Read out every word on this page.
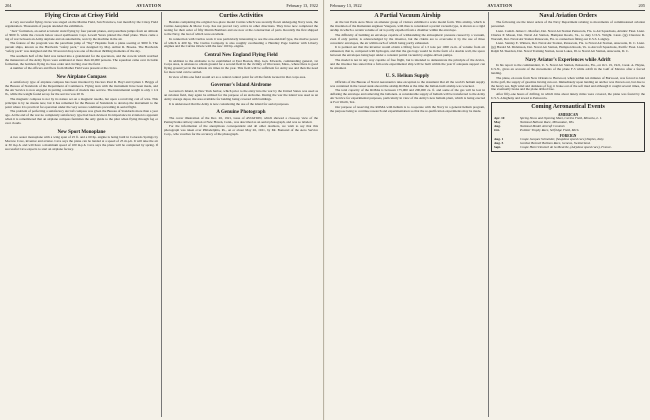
204	AVIATION	February 13, 1922
Flying Circus at Crissy Field

A very successful flying circus was staged on the Marina Field, San Francisco, last month by the Crissy Field organization. Thousands of people attended the exhibition.

"Jazz" formation, an aerial acrobatic stunt flying by four pursuit planes, and parachute jumps from an altitude of 3000 ft. while the crowds below stood spellbound. Capt. Lowell Yerex piloted the chief plane. There came a tug of war between an Army airplane and an automobile, won by the machine in the air.

The feature of the program was the parachute jump of "Sky" Hopkins from a plane soaring at 3000 ft. The pursuit ships, known as the Hardwick "safety pack," was designed by Maj. Arthur R. Brooks. The Hardwick "safety pack" was designed and the 30 second drop was one of the most thrilling moments of the day.

The southern half of the field was turned into a grandstand for the spectators, and the crowds which watched the maneuvers of the Army flyers were estimated at more than 20,000 persons. The squadron came over in battle formation, the bombers flying in close order and circling over the field.

A number of the officers and fliers from Mather Field were present at the circus.

New Airplane Compass

A satisfactory type of airplane compass has been invented by Doctors Paul R. Heyl and Lyman J. Briggs of the Bureau of Standards of the Department of Commerce. Flying tests with the instrument have been made, and the Air Service is now engaged in putting a number of models into service. The instrumental weight is only 1 1/4 lb., while the weight found set up for the service was 20 lb.

The magnetic compass is not by its nature set on a magnetic needle, but upon a revolving coil of wire. This principle is by no means new, but it has remained for the Bureau of Standards to develop the instrument to the point where it is practical for operation under the very severe conditions prevailing in aerial flight.

The problem of perfecting a satisfactory aircraft compass was given the Bureau of Standards more than a year ago. At the end of the war no completely satisfactory type had been devised. Its importance in aviation is apparent when it is remembered that an airplane compass furnishes the only guide to the pilot when flying through fog or over clouds.

New Sport Monoplane

A two seater monoplane with a wing span of 25 ft. and a 60 hp. engine is being built in Colorado Springs by Morrow Cave, inventor and aviator. Cave says the plane can be landed at a speed of 25 m.p.h. It will take the air at 30 m.p.h. and will have a maximum speed of 100 m.p.h. Cave says the plane will be completed by spring. If successful Cave expects to start an airplane factory.

Curtiss Activities

Besides completing the original two-place model Curtiss which was recently flown undergoing Navy tests, the Curtiss Aeroplane & Motor Corp. has not proved very active in other directions. They have now completed the testing for their order of fifty Martin Bombers and are now at the construction of parts. Recently the first shipped to the Navy, the last of which were excellent.

In connection with Curtiss work it was particularly interesting to see the one-and-half type, the motive power of which is 400 hp. The Curtiss Company is also roughly overhauling a Handley Page bomber with Liberty engines and the Curtiss Oriole with the new 160 hp. engine.

Central New England Flying Field

In addition to the airdrome to be established at East Boston, Maj. Gen. Edwards, commanding general, 1st Corps Area, is anxious to obtain ground for a second field in the vicinity of Worcester, Mass., where there is good flying ground yet in the latitude six times in the year. This field will be sufficient for Army use and then the need for more land can be settled.

In view of this one field would act as a central control point for all the fields located in that corps area.

Governor's Island Airdrome

Governor's Island, in New York harbor, which prior to the entry into the war by the United States was used as an aviation field, may again be utilized for the purpose of an airdrome. During the war the island was used as an Army storage depot, the area available for landing being covered with buildings.

It is understood that the Army is now considering the use of the island for aerial purposes.

A Genuine Photograph

The cover illustration of the Dec. 26, 1921, issue of AVIATION, which showed a close-up view of the Pennsylvania railway station at New Haven, Conn., was described as an aerial photograph, and was so labeled.

For the information of the anonymous correspondent and all other doubters, we wish to say that this photograph was taken over Philadelphia, Pa., on or about May 26, 1921, by Mr. Bonsarel of the Aero Service Corp., who vouches for the accuracy of the photograph.

February 13, 1922	AVIATION	205
A Partial Vacuum Airship

At the last Paris Aero Show an amateur group of visitors exhibited a scale model form. This airship, which is the invention of the Rumanian engineer Vaugean, with thus is considered a partial vacuum type, is shown as a rigid airship in which a certain volume of air is partly expelled from a chamber within the envelope.

The difficulty of building an envelope capable of withstanding the atmospheric pressure caused by a vacuum, even if only partial, is acknowledged by the inventor, but the claims are to overcome it by the use of three concentric envelopes, the air within each of which being partly exhausted.

It is pointed out that the inventor would obtain a lifting force of 1.3 tons per 1000 cu.m. of volume from air exhausted, that is, compared with hydrogen, and that the gas bags would be in the form of a double wall, the space between the envelopes being kept under a constant partial vacuum by engine-driven pumps.

The model is not in any way capable of free flight, but is intended to demonstrate the principle of the device, and the inventor has stated that a full-scale experimental ship will be built within the year if adequate support can be obtained.

U. S. Helium Supply

Officials of the Bureau of Naval Aeronautics take exception to the statement that all the world's helium supply was contained in the vessel sunk aboard the airship ROMA at the time the Italian-built airship was wrecked.

The total capacity of the ROMA is between 175,000 and 200,000 cu. ft. and some of the gas will be lost in deflating the envelope and removing the ballonets. A considerable supply of helium will be transferred to the Army Air Service for experimental purposes, particularly in view of the Army's new helium plant, which is being erected at Fort Worth, Tex.

Our purpose of reserving the ROMA with helium is to cooperate with the Navy in a general helium program, the purpose being to continue research and experimentation so that the re-purification experiments may be made.

Naval Aviation Orders

The following are the latest orders of the Navy Department relating to movements of commissioned aviation personnel.

Lieut. Comdr. James C. Monfort, Det. Naval Air Station Pensacola, Fla. to Air Squadrons, Atlantic Fleet. Lieut. Charles P. Mason, Det. Naval Air Station, Hampton Roads, Va., to duty U.S.S. Wright. Lieut. (jg) Clarence R. Worstell, Det. Naval Air Station Pensacola, Fla. to connection fitting out U.S.S. Langley.

Lieut. Stanley E. Winters, Det. Naval Air Station, Pensacola, Fla. to Naval Air Station, Anacostia, D. C. Lieut. (jg) Harold M. Dickinson, Det. Naval Air Station, Hampton Roads, Va. to Aircraft Squadrons, Pacific Fleet. Lieut. Ralph M. Skerdon, Det. Naval Training Station, Great Lakes, Ill. to Naval Air Station, Anacostia, D. C.

Navy Aviator's Experiences while Adrift

In his report to the commandant, U. S. Naval Air Station, Pensacola, Fla., on Oct. 19, 1921, Lieut. A. Hayne, U.S.N., gives an account of the movements of the plane F-5 while adrift in the Gulf of Mexico after a forced landing.

The plane, en route from New Orleans to Burwood, when within ten minutes of Burwood, was forced to land in the gulf, the supply of gasoline having run out. Immediately upon landing an anchor was thrown out, but due to the heavy sea, high wind and darkness of fog, it broke out of the soft mud and although it caught several times, the line eventually broke and the plane drifted free.

After fifty-one hours of drifting, in which time about ninety miles were covered, the plane was found by the U.S.S. Allegheny and towed to Pensacola.

Coming Aeronautical Events
AMERICAN
Apr. 10	Spring Show and Opening Meet, Curtiss Field, Mineola, L. I.
May	National Balloon Race, Milwaukee, Wis.
Aug.	National Model Aircraft Contests
Oct.	Pulitzer Trophy Race, Selfridge Field, Mich.
FOREIGN
Aug. 1	Coupe Jacques Schneider, (Seaplane speed race) Naples, Italy.
Aug. 5	Gordon Bennett Balloon Race, Geneva, Switzerland.
Sept.	Coupe Henri Deutsch de la Meurthe, (Airplane speed race), France.
